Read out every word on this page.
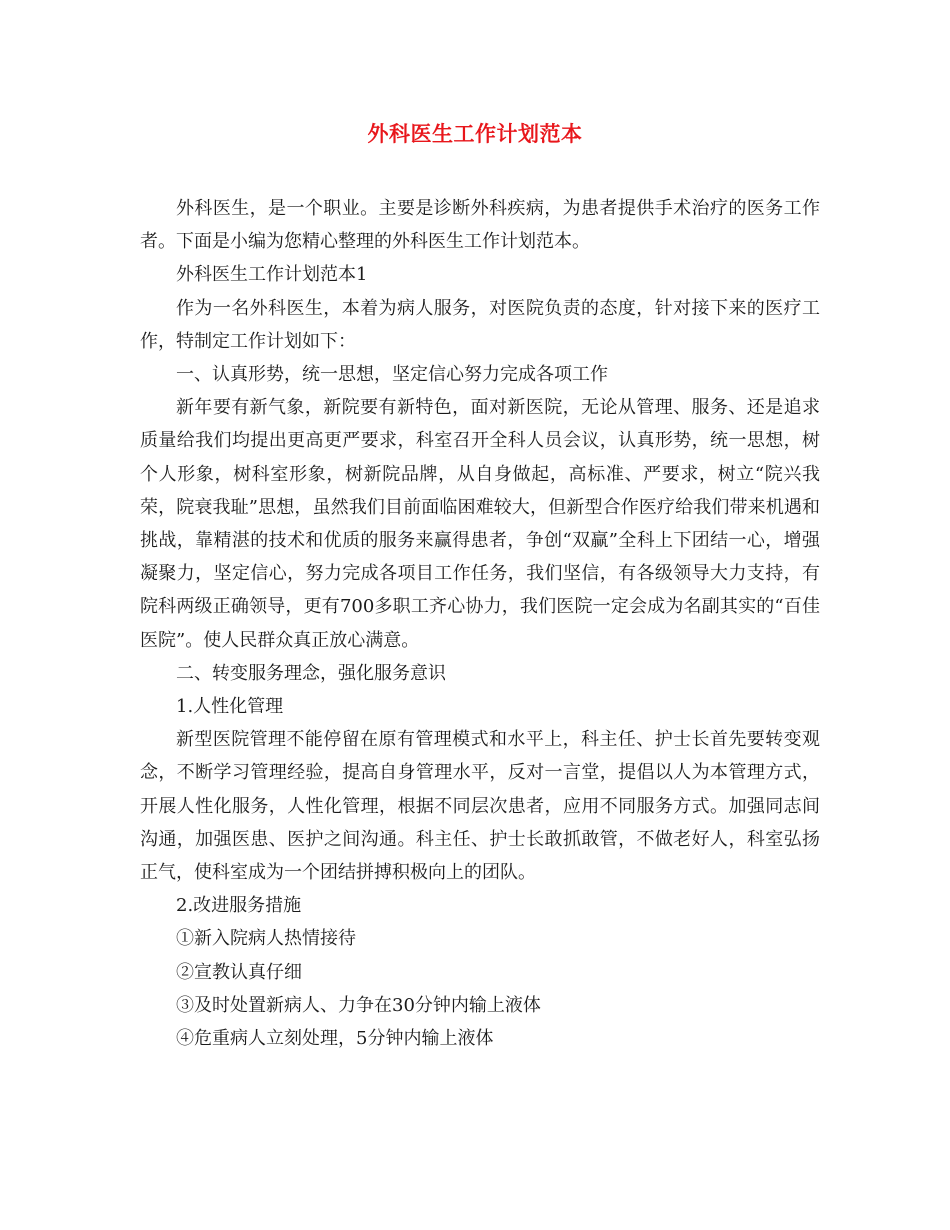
外科医生工作计划范本

外科医生，是一个职业。主要是诊断外科疾病，为患者提供手术治疗的医务工作者。下面是小编为您精心整理的外科医生工作计划范本。

外科医生工作计划范本1

作为一名外科医生，本着为病人服务，对医院负责的态度，针对接下来的医疗工作，特制定工作计划如下：

一、认真形势，统一思想，坚定信心努力完成各项工作

新年要有新气象，新院要有新特色，面对新医院，无论从管理、服务、还是追求质量给我们均提出更高更严要求，科室召开全科人员会议，认真形势，统一思想，树个人形象，树科室形象，树新院品牌，从自身做起，高标准、严要求，树立“院兴我荣，院衰我耻”思想，虽然我们目前面临困难较大，但新型合作医疗给我们带来机遇和挑战，靠精湛的技术和优质的服务来赢得患者，争创“双赢”全科上下团结一心，增强凝聚力，坚定信心，努力完成各项目工作任务，我们坚信，有各级领导大力支持，有院科两级正确领导，更有700多职工齐心协力，我们医院一定会成为名副其实的“百佳医院”。使人民群众真正放心满意。

二、转变服务理念，强化服务意识

1.人性化管理

新型医院管理不能停留在原有管理模式和水平上，科主任、护士长首先要转变观念，不断学习管理经验，提高自身管理水平，反对一言堂，提倡以人为本管理方式，开展人性化服务，人性化管理，根据不同层次患者，应用不同服务方式。加强同志间沟通，加强医患、医护之间沟通。科主任、护士长敢抓敢管，不做老好人，科室弘扬正气，使科室成为一个团结拼搏积极向上的团队。

2.改进服务措施

①新入院病人热情接待

②宣教认真仔细

③及时处置新病人、力争在30分钟内输上液体

④危重病人立刻处理，5分钟内输上液体
